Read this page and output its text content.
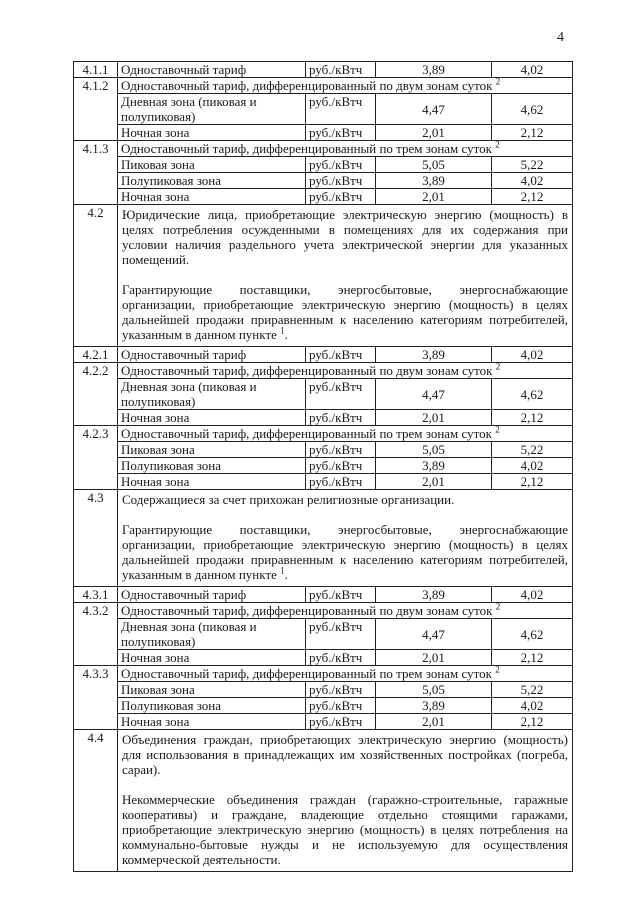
4
4.1.1	Одноставочный тариф	руб./кВтч	3,89	4,02
4.1.2	Одноставочный тариф, дифференцированный по двум зонам суток $^2$
	Дневная зона (пиковая и полупиковая)	руб./кВтч	4,47	4,62
	Ночная зона	руб./кВтч	2,01	2,12
4.1.3	Одноставочный тариф, дифференцированный по трем зонам суток $^2$
	Пиковая зона	руб./кВтч	5,05	5,22
	Полупиковая зона	руб./кВтч	3,89	4,02
	Ночная зона	руб./кВтч	2,01	2,12
4.2	Юридические лица, приобретающие электрическую энергию (мощность) в целях потребления осужденными в помещениях для их содержания при условии наличия раздельного учета электрической энергии для указанных помещений.

Гарантирующие поставщики, энергосбытовые, энергоснабжающие организации, приобретающие электрическую энергию (мощность) в целях дальнейшей продажи приравненным к населению категориям потребителей, указанным в данном пункте $^1$.			

4.2.1	Одноставочный тариф	руб./кВтч	3,89	4,02
4.2.2	Одноставочный тариф, дифференцированный по двум зонам суток $^2$
	Дневная зона (пиковая и полупиковая)	руб./кВтч	4,47	4,62
	Ночная зона	руб./кВтч	2,01	2,12
4.2.3	Одноставочный тариф, дифференцированный по трем зонам суток $^2$
	Пиковая зона	руб./кВтч	5,05	5,22
	Полупиковая зона	руб./кВтч	3,89	4,02
	Ночная зона	руб./кВтч	2,01	2,12
4.3	Содержащиеся за счет прихожан религиозные организации.

Гарантирующие поставщики, энергосбытовые, энергоснабжающие организации, приобретающие электрическую энергию (мощность) в целях дальнейшей продажи приравненным к населению категориям потребителей, указанным в данном пункте $^1$.			

4.3.1	Одноставочный тариф	руб./кВтч	3,89	4,02
4.3.2	Одноставочный тариф, дифференцированный по двум зонам суток $^2$
	Дневная зона (пиковая и полупиковая)	руб./кВтч	4,47	4,62
	Ночная зона	руб./кВтч	2,01	2,12
4.3.3	Одноставочный тариф, дифференцированный по трем зонам суток $^2$
	Пиковая зона	руб./кВтч	5,05	5,22
	Полупиковая зона	руб./кВтч	3,89	4,02
	Ночная зона	руб./кВтч	2,01	2,12
4.4	Объединения граждан, приобретающих электрическую энергию (мощность) для использования в принадлежащих им хозяйственных постройках (погреба, сараи).

Некоммерческие объединения граждан (гаражно-строительные, гаражные кооперативы) и граждане, владеющие отдельно стоящими гаражами, приобретающие электрическую энергию (мощность) в целях потребления на коммунально-бытовые нужды и не используемую для осуществления коммерческой деятельности.			
